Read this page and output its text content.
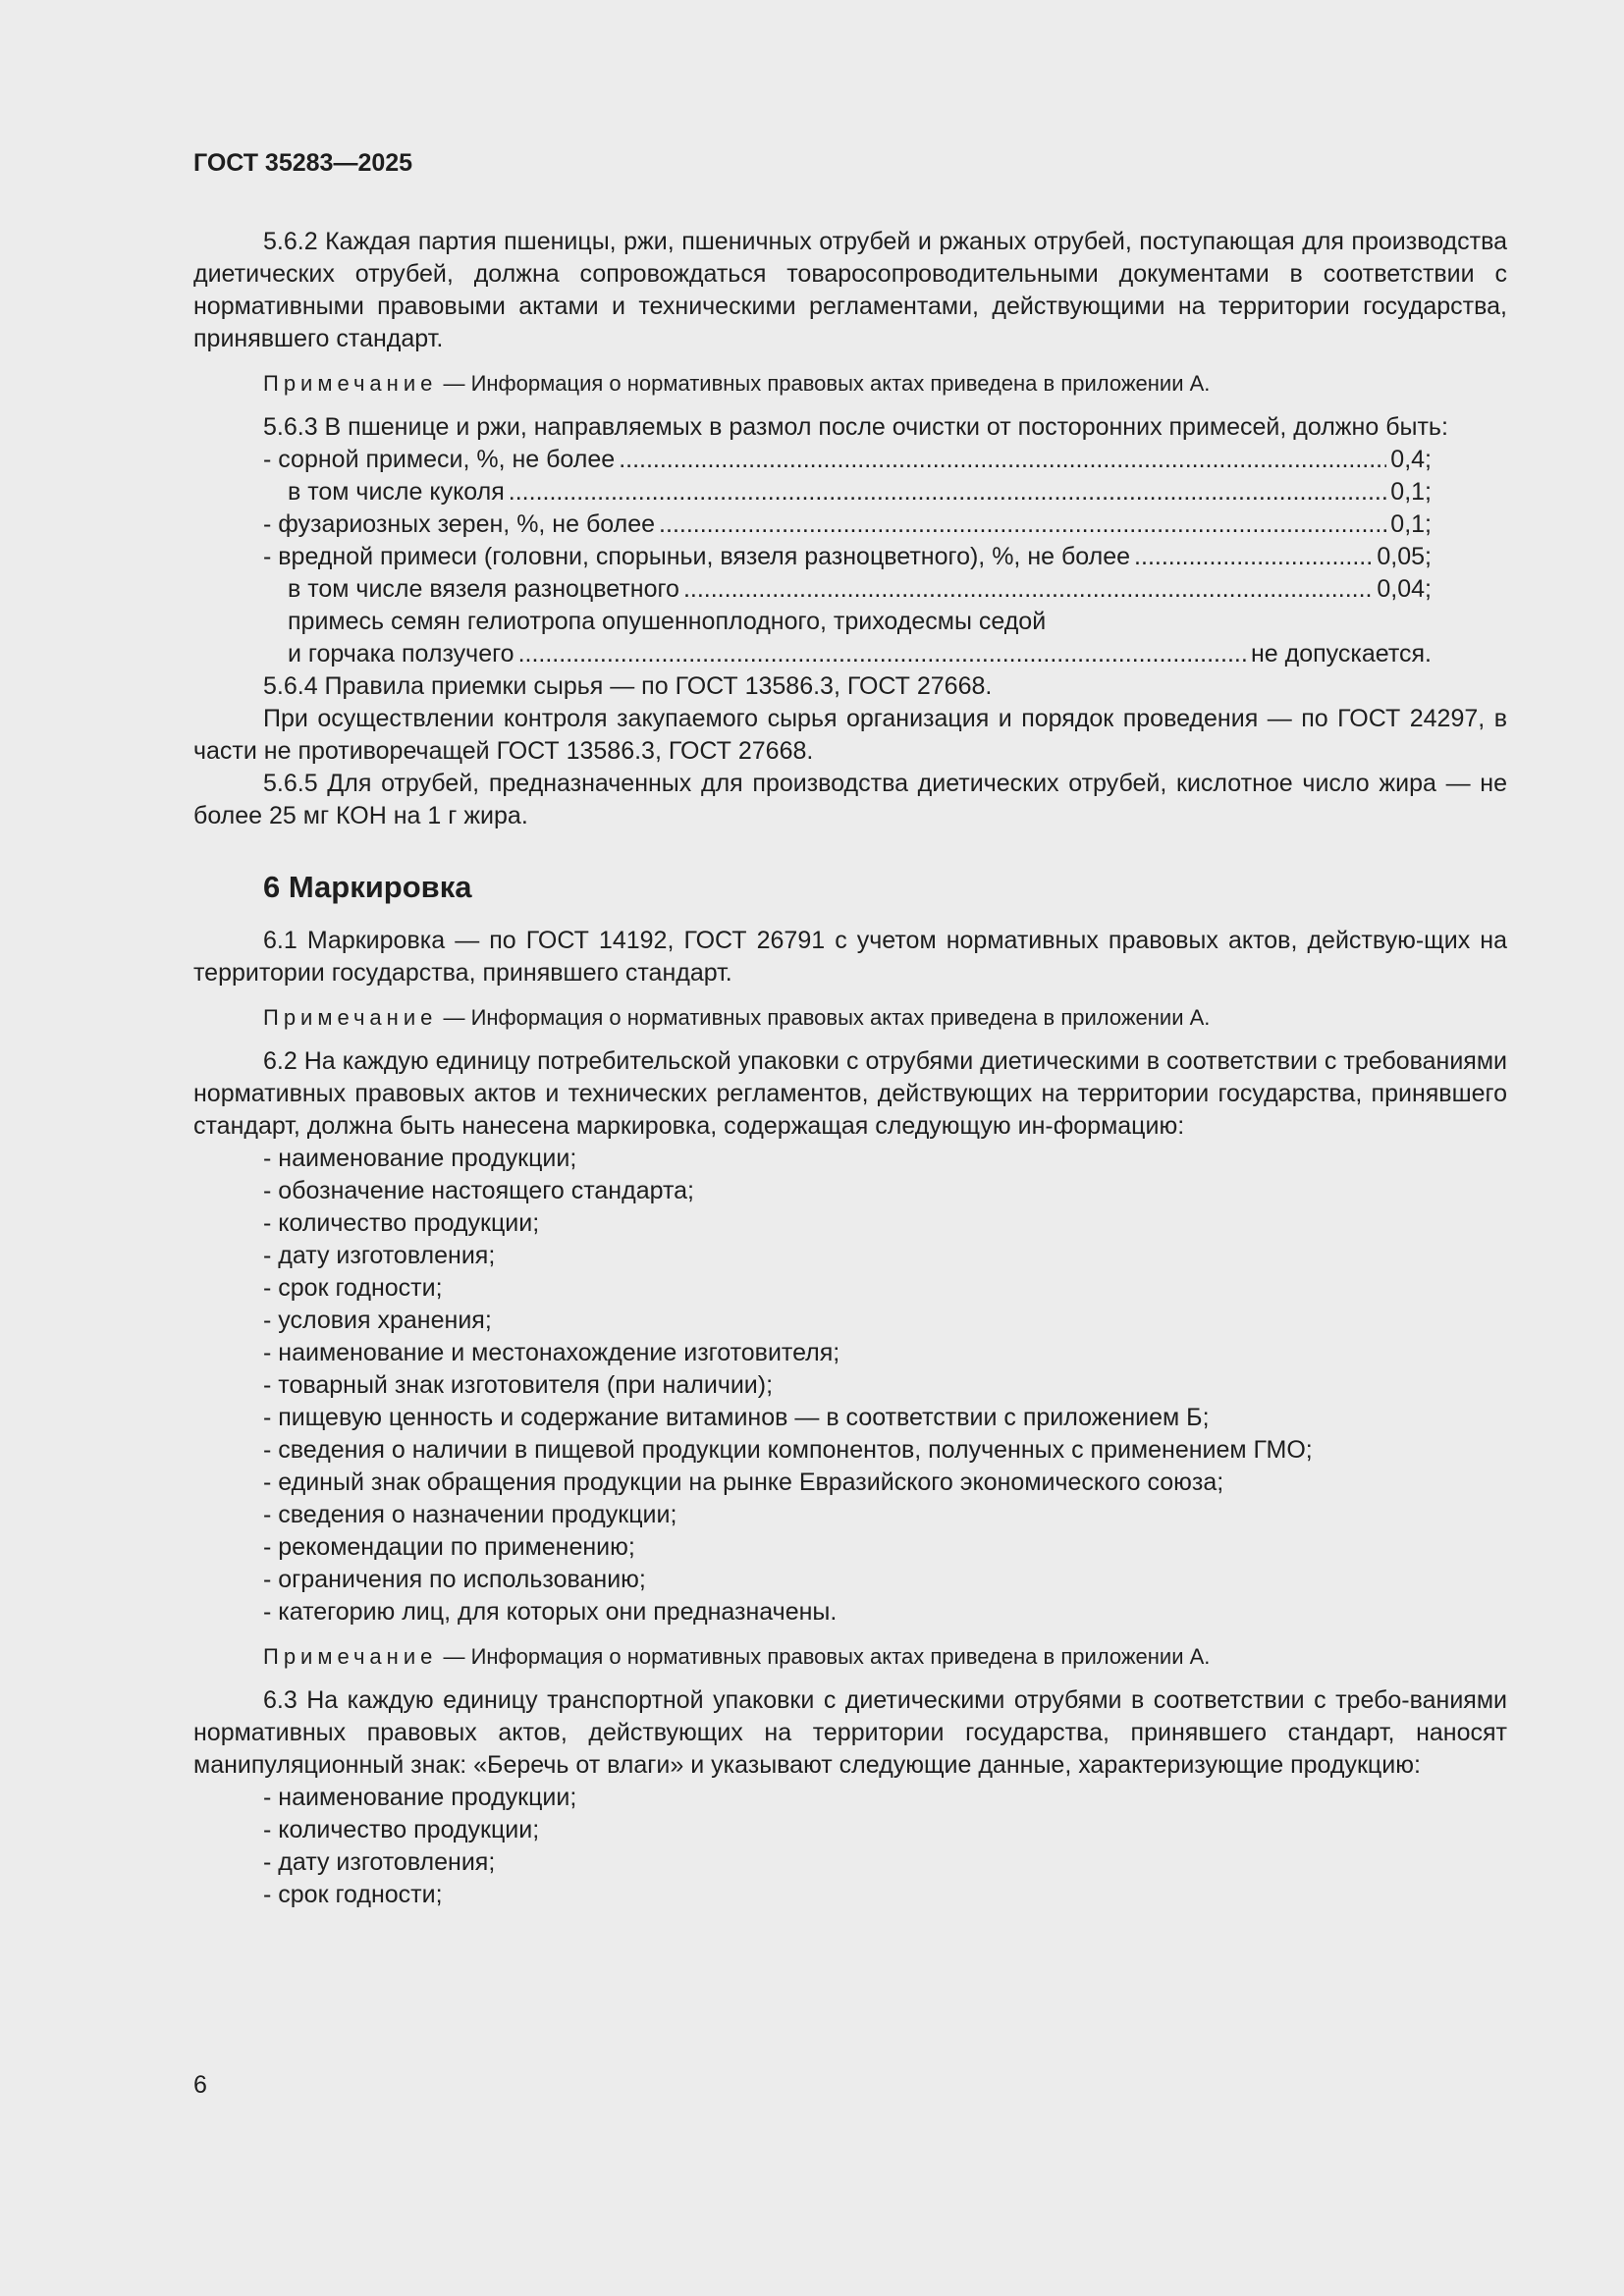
ГОСТ 35283—2025

5.6.2 Каждая партия пшеницы, ржи, пшеничных отрубей и ржаных отрубей, поступающая для производства диетических отрубей, должна сопровождаться товаросопроводительными документами в соответствии с нормативными правовыми актами и техническими регламентами, действующими на территории государства, принявшего стандарт.

Примечание — Информация о нормативных правовых актах приведена в приложении А.

5.6.3 В пшенице и ржи, направляемых в размол после очистки от посторонних примесей, должно быть:

- сорной примеси, %, не более .....	0,4;
в том числе куколя .....	0,1;
- фузариозных зерен, %, не более .....	0,1;
- вредной примеси (головни, спорыньи, вязеля разноцветного), %, не более .....	0,05;
в том числе вязеля разноцветного .....	0,04;
примесь семян гелиотропа опушенноплодного, триходесмы седой
и горчака ползучего .....	не допускается.

5.6.4 Правила приемки сырья — по ГОСТ 13586.3, ГОСТ 27668.

При осуществлении контроля закупаемого сырья организация и порядок проведения — по ГОСТ 24297, в части не противоречащей ГОСТ 13586.3, ГОСТ 27668.

5.6.5 Для отрубей, предназначенных для производства диетических отрубей, кислотное число жира — не более 25 мг КОН на 1 г жира.

6 Маркировка

6.1 Маркировка — по ГОСТ 14192, ГОСТ 26791 с учетом нормативных правовых актов, действую-щих на территории государства, принявшего стандарт.

Примечание — Информация о нормативных правовых актах приведена в приложении А.

6.2 На каждую единицу потребительской упаковки с отрубями диетическими в соответствии с требованиями нормативных правовых актов и технических регламентов, действующих на территории государства, принявшего стандарт, должна быть нанесена маркировка, содержащая следующую ин-формацию:

- наименование продукции;
- обозначение настоящего стандарта;
- количество продукции;
- дату изготовления;
- срок годности;
- условия хранения;
- наименование и местонахождение изготовителя;
- товарный знак изготовителя (при наличии);
- пищевую ценность и содержание витаминов — в соответствии с приложением Б;
- сведения о наличии в пищевой продукции компонентов, полученных с применением ГМО;
- единый знак обращения продукции на рынке Евразийского экономического союза;
- сведения о назначении продукции;
- рекомендации по применению;
- ограничения по использованию;
- категорию лиц, для которых они предназначены.
Примечание — Информация о нормативных правовых актах приведена в приложении А.

6.3 На каждую единицу транспортной упаковки с диетическими отрубями в соответствии с требо-ваниями нормативных правовых актов, действующих на территории государства, принявшего стандарт, наносят манипуляционный знак: «Беречь от влаги» и указывают следующие данные, характеризующие продукцию:

- наименование продукции;
- количество продукции;
- дату изготовления;
- срок годности;
6
